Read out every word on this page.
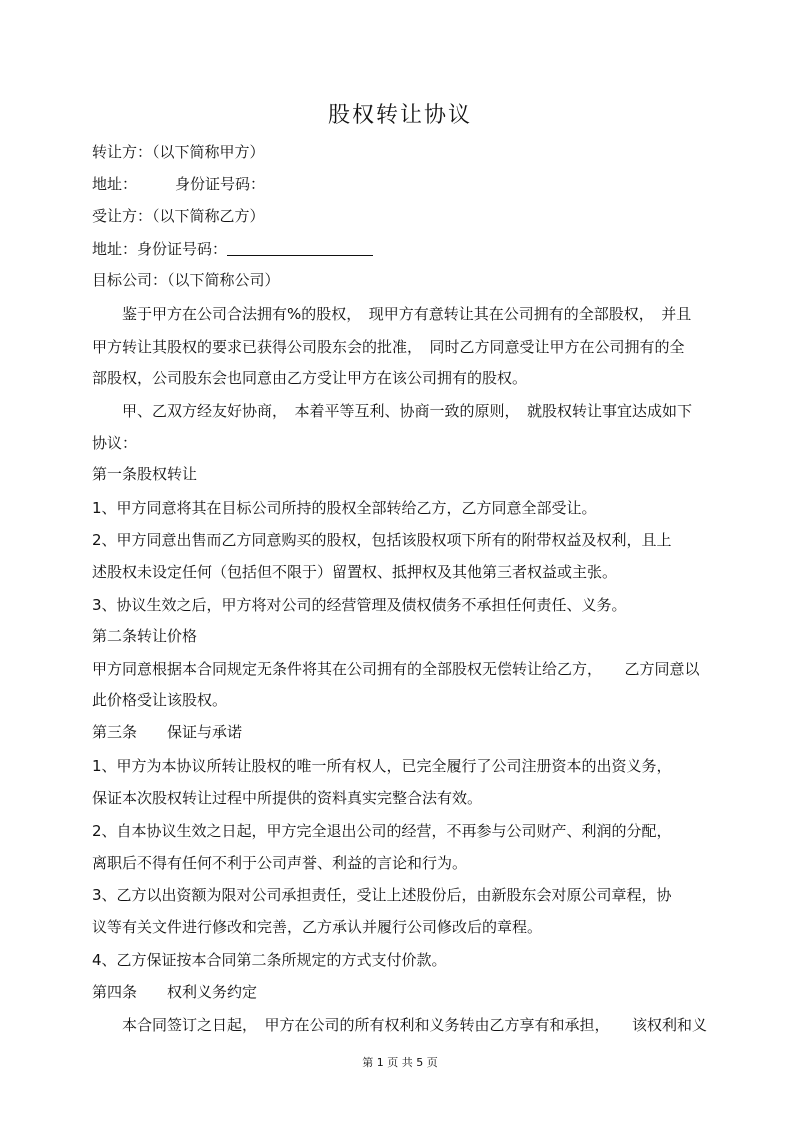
股权转让协议
转让方：（以下简称甲方）
地址：	身份证号码：
受让方：（以下简称乙方）
地址：身份证号码：
目标公司：（以下简称公司）
鉴于甲方在公司合法拥有%的股权，　现甲方有意转让其在公司拥有的全部股权，　并且
甲方转让其股权的要求已获得公司股东会的批准，　同时乙方同意受让甲方在公司拥有的全
部股权，公司股东会也同意由乙方受让甲方在该公司拥有的股权。
甲、乙双方经友好协商，　本着平等互利、协商一致的原则，　就股权转让事宜达成如下
协议：
第一条股权转让
1、甲方同意将其在目标公司所持的股权全部转给乙方，乙方同意全部受让。
2、甲方同意出售而乙方同意购买的股权，包括该股权项下所有的附带权益及权利，且上
述股权未设定任何（包括但不限于）留置权、抵押权及其他第三者权益或主张。
3、协议生效之后，甲方将对公司的经营管理及债权债务不承担任何责任、义务。
第二条转让价格
甲方同意根据本合同规定无条件将其在公司拥有的全部股权无偿转让给乙方，　　乙方同意以
此价格受让该股权。
第三条　　保证与承诺
1、甲方为本协议所转让股权的唯一所有权人，已完全履行了公司注册资本的出资义务，
保证本次股权转让过程中所提供的资料真实完整合法有效。
2、自本协议生效之日起，甲方完全退出公司的经营，不再参与公司财产、利润的分配，
离职后不得有任何不利于公司声誉、利益的言论和行为。
3、乙方以出资额为限对公司承担责任，受让上述股份后，由新股东会对原公司章程，协
议等有关文件进行修改和完善，乙方承认并履行公司修改后的章程。
4、乙方保证按本合同第二条所规定的方式支付价款。
第四条　　权利义务约定
本合同签订之日起，　甲方在公司的所有权利和义务转由乙方享有和承担，　　该权利和义
第 1 页 共 5 页
